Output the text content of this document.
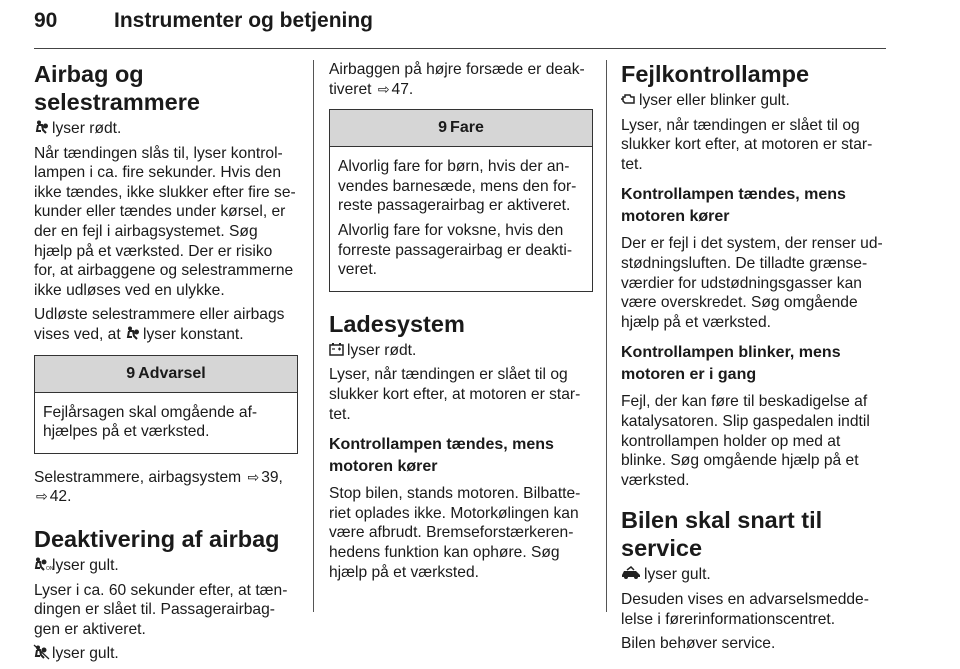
90	Instrumenter og betjening
Airbag og selestrammere

lyser rødt.

Når tændingen slås til, lyser kontrol-lampen i ca. fire sekunder. Hvis den ikke tændes, ikke slukker efter fire se-kunder eller tændes under kørsel, er der en fejl i airbagsystemet. Søg hjælp på et værksted. Der er risiko for, at airbaggene og selestrammerne ikke udløses ved en ulykke.

Udløste selestrammere eller airbags vises ved, at lyser konstant.

9 Advarsel

Fejlårsagen skal omgående af-hjælpes på et værksted.

Selestrammere, airbagsystem ⇨ 39,
⇨ 42.

Deaktivering af airbag

ON
lyser gult.

Lyser i ca. 60 sekunder efter, at tæn-dingen er slået til. Passagerairbag-gen er aktiveret.

lyser gult.

Airbaggen på højre forsæde er deak-tiveret ⇨ 47.

9 Fare

Alvorlig fare for børn, hvis der an-vendes barnesæde, mens den for-reste passagerairbag er aktiveret.

Alvorlig fare for voksne, hvis den forreste passagerairbag er deakti-veret.

Ladesystem

lyser rødt.

Lyser, når tændingen er slået til og slukker kort efter, at motoren er star-tet.

Kontrollampen tændes, mens motoren kører

Stop bilen, stands motoren. Bilbatte-riet oplades ikke. Motorkølingen kan være afbrudt. Bremseforstærkeren-hedens funktion kan ophøre. Søg hjælp på et værksted.

Fejlkontrollampe

lyser eller blinker gult.

Lyser, når tændingen er slået til og slukker kort efter, at motoren er star-tet.

Kontrollampen tændes, mens motoren kører

Der er fejl i det system, der renser ud-stødningsluften. De tilladte grænse-værdier for udstødningsgasser kan være overskredet. Søg omgående hjælp på et værksted.

Kontrollampen blinker, mens motoren er i gang

Fejl, der kan føre til beskadigelse af katalysatoren. Slip gaspedalen indtil kontrollampen holder op med at blinke. Søg omgående hjælp på et værksted.

Bilen skal snart til service

lyser gult.

Desuden vises en advarselsmedde-lelse i førerinformationscentret.

Bilen behøver service.
